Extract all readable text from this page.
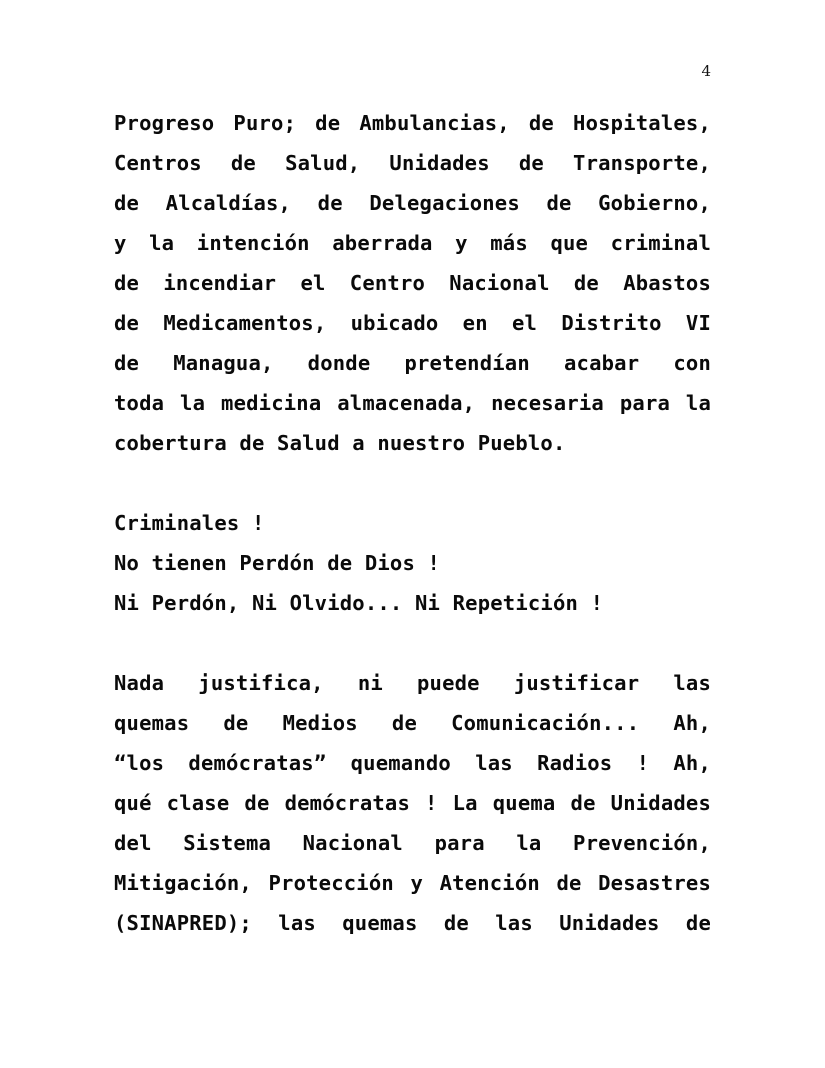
4

Progreso Puro; de Ambulancias, de Hospitales,
Centros de Salud, Unidades de Transporte,
de Alcaldías, de Delegaciones de Gobierno,
y la intención aberrada y más que criminal
de incendiar el Centro Nacional de Abastos
de Medicamentos, ubicado en el Distrito VI
de Managua, donde pretendían acabar con
toda la medicina almacenada, necesaria para la
cobertura de Salud a nuestro Pueblo.

Criminales !
No tienen Perdón de Dios !
Ni Perdón, Ni Olvido... Ni Repetición !

Nada justifica, ni puede justificar las
quemas de Medios de Comunicación... Ah,
“los demócratas” quemando las Radios ! Ah,
qué clase de demócratas ! La quema de Unidades
del Sistema Nacional para la Prevención,
Mitigación, Protección y Atención de Desastres
(SINAPRED); las quemas de las Unidades de
